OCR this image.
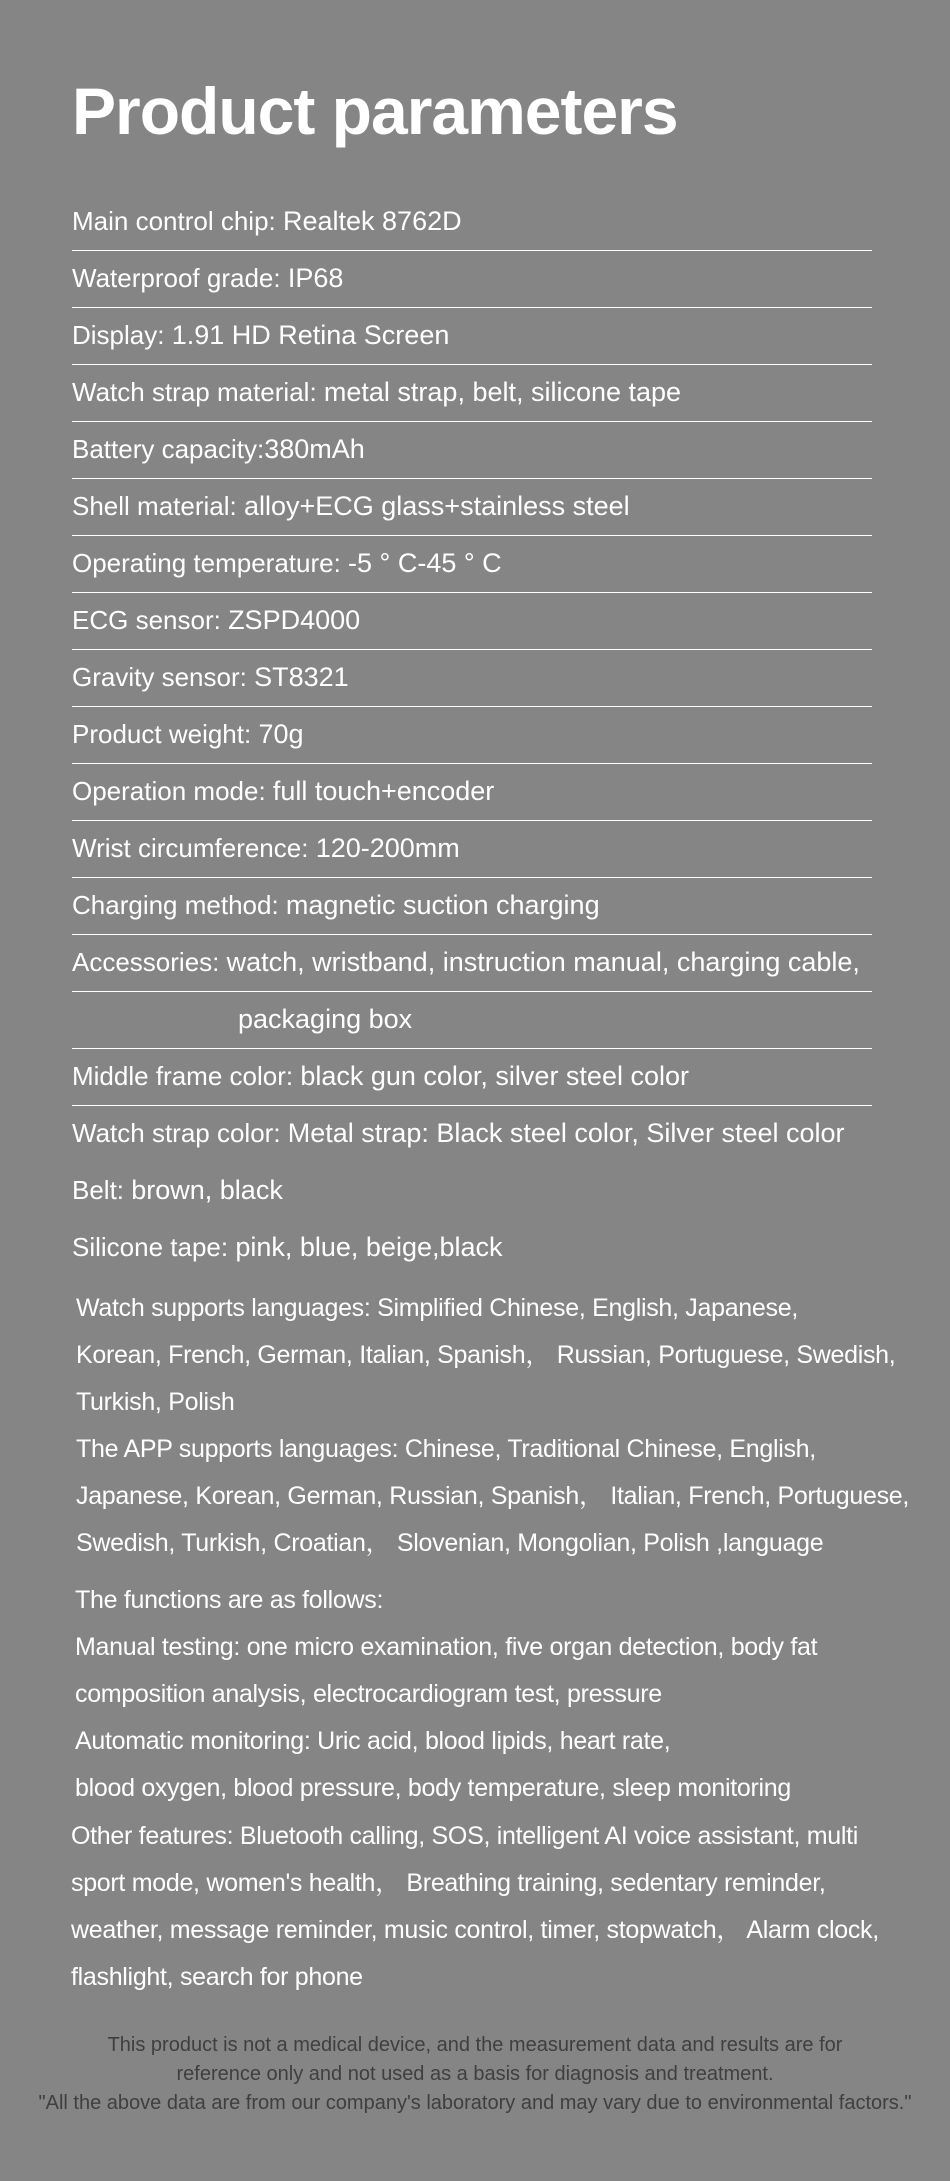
Product parameters
Main control chip: Realtek 8762D
Waterproof grade: IP68
Display: 1.91 HD Retina Screen
Watch strap material: metal strap, belt, silicone tape
Battery capacity:380mAh
Shell material: alloy+ECG glass+stainless steel
Operating temperature: -5 ° C-45 ° C
ECG sensor: ZSPD4000
Gravity sensor: ST8321
Product weight: 70g
Operation mode: full touch+encoder
Wrist circumference: 120-200mm
Charging method: magnetic suction charging
Accessories: watch, wristband, instruction manual, charging cable,
packaging box
Middle frame color: black gun color, silver steel color
Watch strap color: Metal strap: Black steel color, Silver steel color
Belt: brown, black
Silicone tape: pink, blue, beige,black
Watch supports languages: Simplified Chinese, English, Japanese,
Korean, French, German, Italian, Spanish， Russian, Portuguese, Swedish,
Turkish, Polish
The APP supports languages: Chinese, Traditional Chinese, English,
Japanese, Korean, German, Russian, Spanish， Italian, French, Portuguese,
Swedish, Turkish, Croatian， Slovenian, Mongolian, Polish ,language
The functions are as follows:
Manual testing: one micro examination, five organ detection, body fat
composition analysis, electrocardiogram test, pressure
Automatic monitoring: Uric acid, blood lipids, heart rate,
blood oxygen, blood pressure, body temperature, sleep monitoring
Other features: Bluetooth calling, SOS, intelligent AI voice assistant, multi
sport mode, women's health， Breathing training, sedentary reminder,
weather, message reminder, music control, timer, stopwatch， Alarm clock,
flashlight, search for phone
This product is not a medical device, and the measurement data and results are for
reference only and not used as a basis for diagnosis and treatment.
"All the above data are from our company's laboratory and may vary due to environmental factors."
